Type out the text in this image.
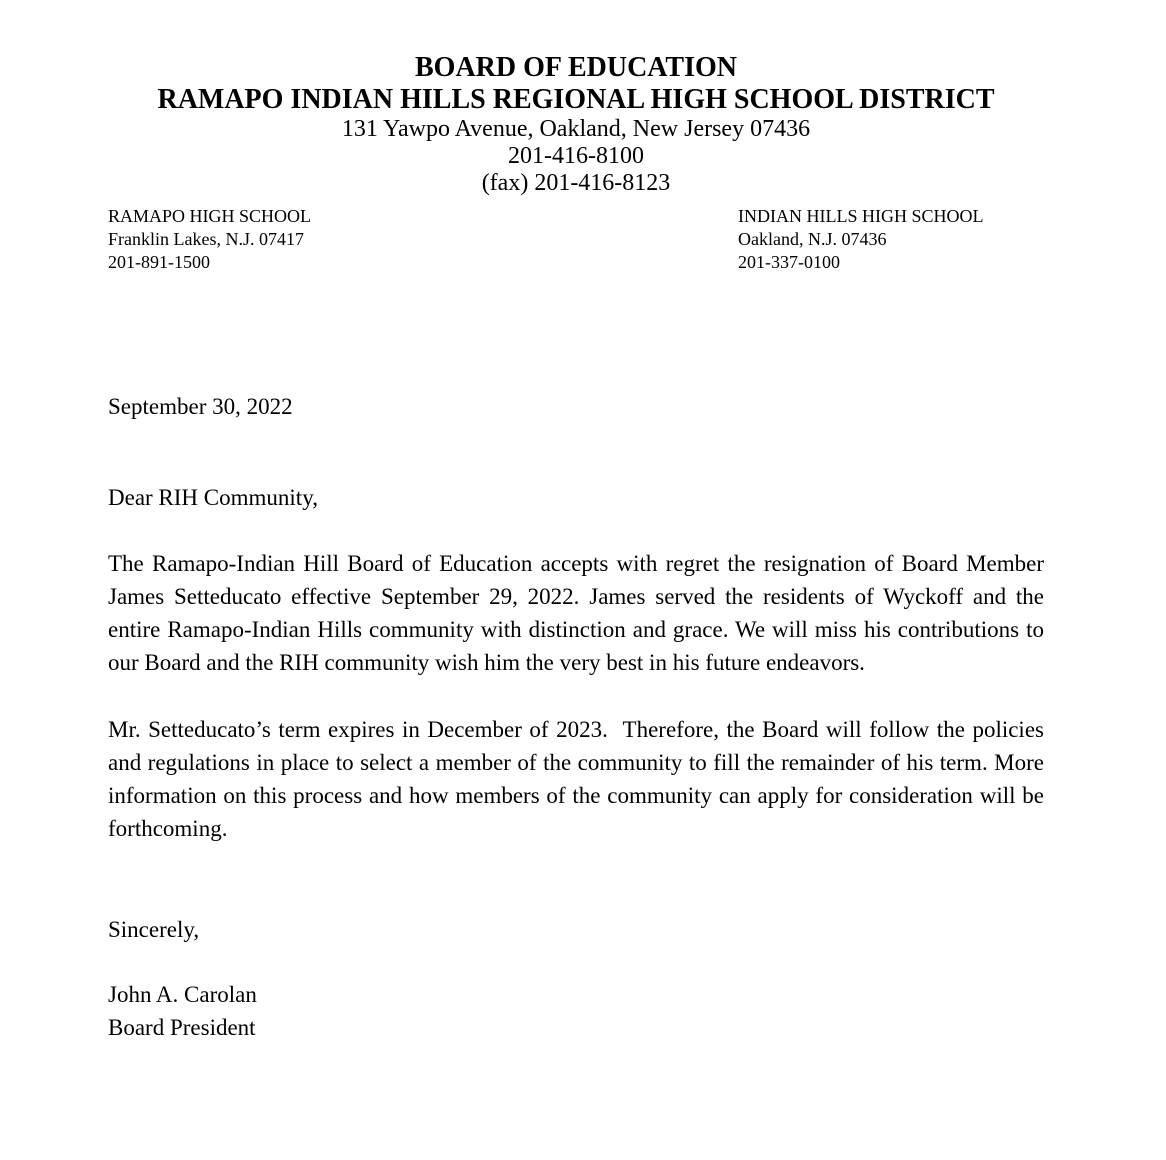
BOARD OF EDUCATION
RAMAPO INDIAN HILLS REGIONAL HIGH SCHOOL DISTRICT
131 Yawpo Avenue, Oakland, New Jersey 07436
201-416-8100
(fax) 201-416-8123
RAMAPO HIGH SCHOOL
Franklin Lakes, N.J. 07417
201-891-1500
INDIAN HILLS HIGH SCHOOL
Oakland, N.J. 07436
201-337-0100
September 30, 2022
Dear RIH Community,

The Ramapo-Indian Hill Board of Education accepts with regret the resignation of Board Member James Setteducato effective September 29, 2022. James served the residents of Wyckoff and the entire Ramapo-Indian Hills community with distinction and grace. We will miss his contributions to our Board and the RIH community wish him the very best in his future endeavors.

Mr. Setteducato’s term expires in December of 2023.  Therefore, the Board will follow the policies and regulations in place to select a member of the community to fill the remainder of his term. More information on this process and how members of the community can apply for consideration will be forthcoming.

Sincerely,
John A. Carolan
Board President
